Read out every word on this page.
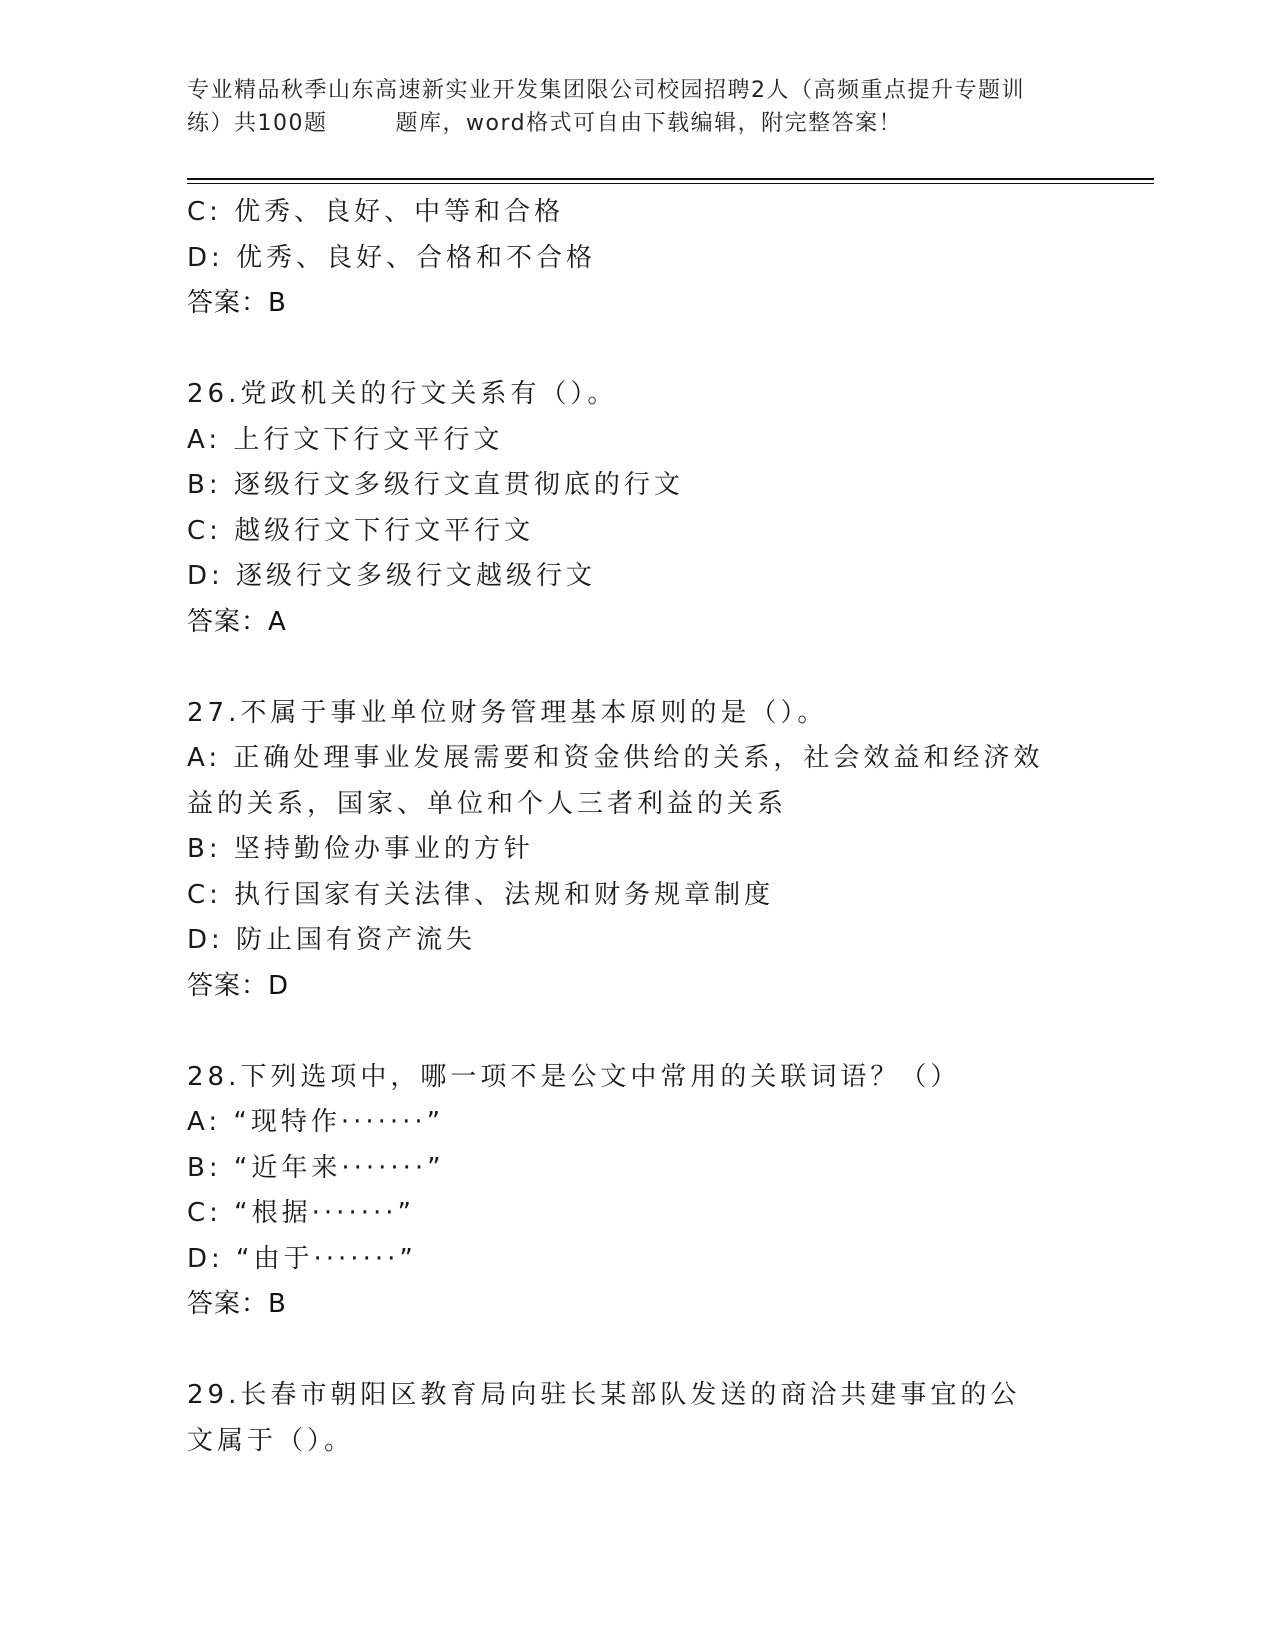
专业精品秋季山东高速新实业开发集团限公司校园招聘2人（高频重点提升专题训
练）共100题	题库，word格式可自由下载编辑，附完整答案！
C: 优秀、良好、中等和合格
D: 优秀、良好、合格和不合格
答案：B
26.党政机关的行文关系有（）。
A: 上行文下行文平行文
B: 逐级行文多级行文直贯彻底的行文
C: 越级行文下行文平行文
D: 逐级行文多级行文越级行文
答案：A
27.不属于事业单位财务管理基本原则的是（）。
A: 正确处理事业发展需要和资金供给的关系，社会效益和经济效益的关系，国家、单位和个人三者利益的关系
B: 坚持勤俭办事业的方针
C: 执行国家有关法律、法规和财务规章制度
D: 防止国有资产流失
答案：D
28.下列选项中，哪一项不是公文中常用的关联词语？（）
A: “现特作·······”
B: “近年来·······”
C: “根据·······”
D: “由于·······”
答案：B
29.长春市朝阳区教育局向驻长某部队发送的商洽共建事宜的公文属于（）。
